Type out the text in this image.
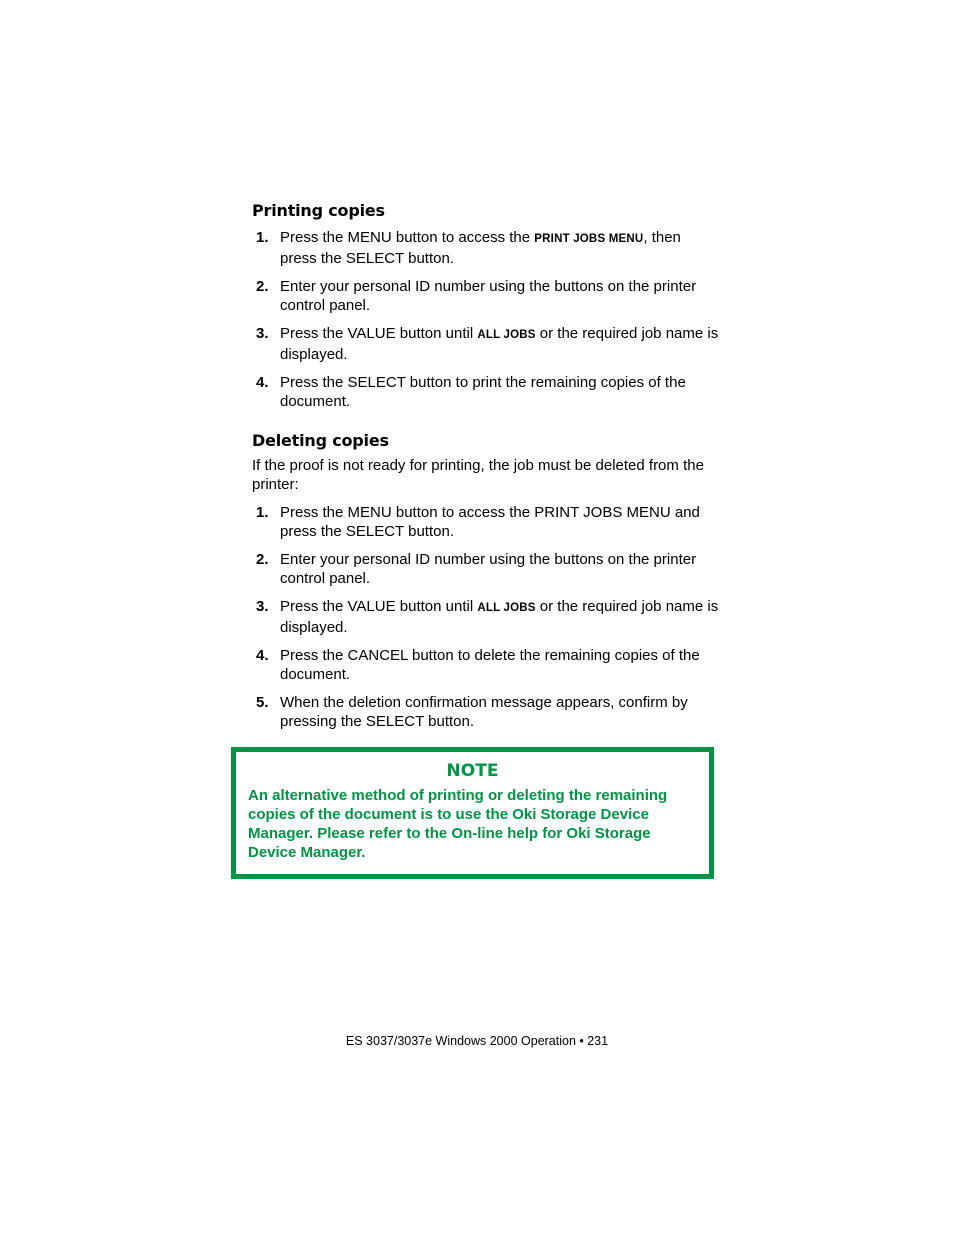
Printing copies
1. Press the MENU button to access the PRINT JOBS MENU, then press the SELECT button.
2. Enter your personal ID number using the buttons on the printer control panel.
3. Press the VALUE button until ALL JOBS or the required job name is displayed.
4. Press the SELECT button to print the remaining copies of the document.
Deleting copies

If the proof is not ready for printing, the job must be deleted from the printer:

1. Press the MENU button to access the PRINT JOBS MENU and press the SELECT button.
2. Enter your personal ID number using the buttons on the printer control panel.
3. Press the VALUE button until ALL JOBS or the required job name is displayed.
4. Press the CANCEL button to delete the remaining copies of the document.
5. When the deletion confirmation message appears, confirm by pressing the SELECT button.
NOTE

An alternative method of printing or deleting the remaining copies of the document is to use the Oki Storage Device Manager. Please refer to the On-line help for Oki Storage Device Manager.

ES 3037/3037e Windows 2000 Operation • 231
